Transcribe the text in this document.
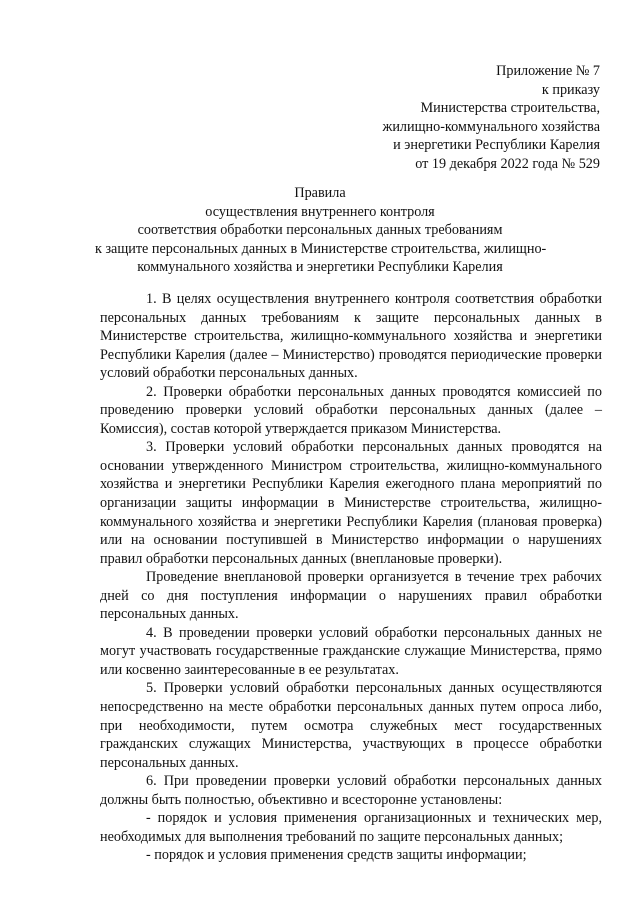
Приложение № 7
к приказу
Министерства строительства,
жилищно-коммунального хозяйства
и энергетики Республики Карелия
от 19 декабря 2022 года № 529
Правила
осуществления внутреннего контроля
соответствия обработки персональных данных требованиям
к защите персональных данных в Министерстве строительства, жилищно-
коммунального хозяйства и энергетики Республики Карелия

1. В целях осуществления внутреннего контроля соответствия обработки персональных данных требованиям к защите персональных данных в Министерстве строительства, жилищно-коммунального хозяйства и энергетики Республики Карелия (далее – Министерство) проводятся периодические проверки условий обработки персональных данных.

2. Проверки обработки персональных данных проводятся комиссией по проведению проверки условий обработки персональных данных (далее – Комиссия), состав которой утверждается приказом Министерства.

3. Проверки условий обработки персональных данных проводятся на основании утвержденного Министром строительства, жилищно-коммунального хозяйства и энергетики Республики Карелия ежегодного плана мероприятий по организации защиты информации в Министерстве строительства, жилищно-коммунального хозяйства и энергетики Республики Карелия (плановая проверка) или на основании поступившей в Министерство информации о нарушениях правил обработки персональных данных (внеплановые проверки).

Проведение внеплановой проверки организуется в течение трех рабочих дней со дня поступления информации о нарушениях правил обработки персональных данных.

4. В проведении проверки условий обработки персональных данных не могут участвовать государственные гражданские служащие Министерства, прямо или косвенно заинтересованные в ее результатах.

5. Проверки условий обработки персональных данных осуществляются непосредственно на месте обработки персональных данных путем опроса либо, при необходимости, путем осмотра служебных мест государственных гражданских служащих Министерства, участвующих в процессе обработки персональных данных.

6. При проведении проверки условий обработки персональных данных должны быть полностью, объективно и всесторонне установлены:

- порядок и условия применения организационных и технических мер, необходимых для выполнения требований по защите персональных данных;

- порядок и условия применения средств защиты информации;
